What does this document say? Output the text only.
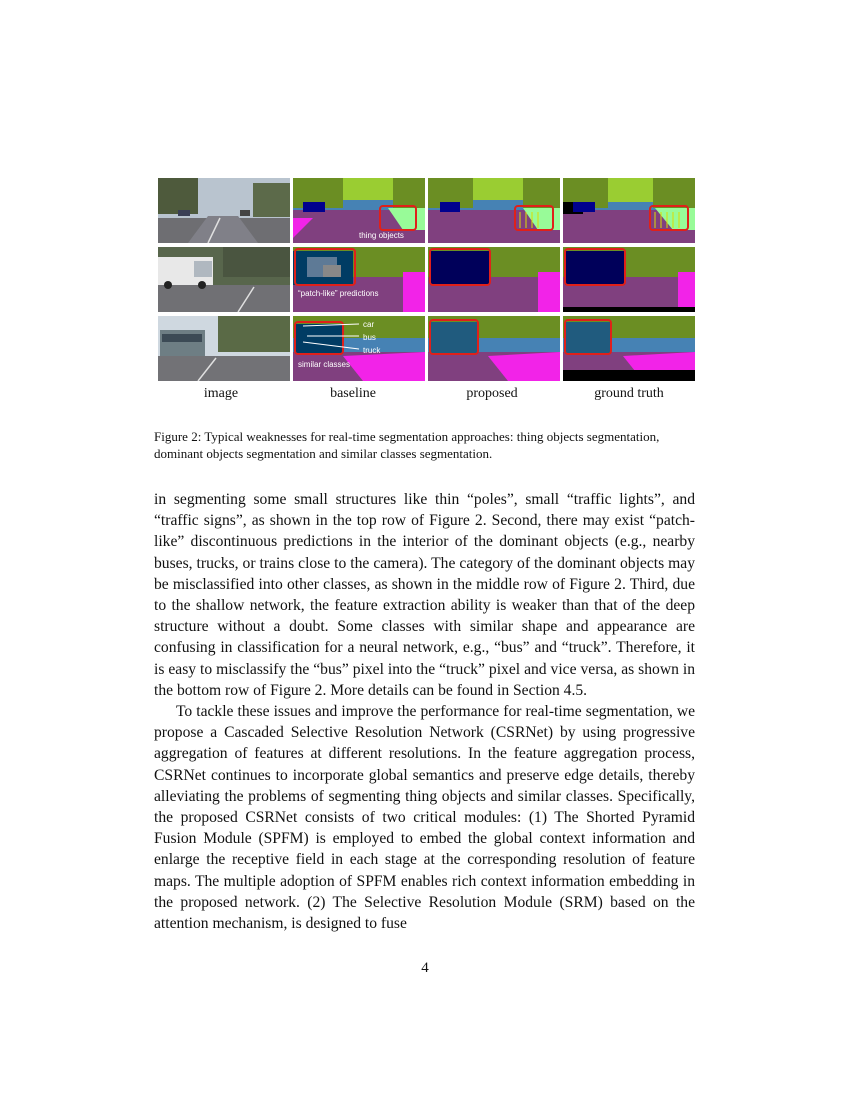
thing objects
“patch-like” predictions
car
bus
truck
similar classes
image	baseline	proposed	ground truth
Figure 2: Typical weaknesses for real-time segmentation approaches: thing objects segmentation, dominant objects segmentation and similar classes segmentation.

in segmenting some small structures like thin “poles”, small “traffic lights”, and “traffic signs”, as shown in the top row of Figure 2. Second, there may exist “patch-like” discontinuous predictions in the interior of the dominant objects (e.g., nearby buses, trucks, or trains close to the camera). The category of the dominant objects may be misclassified into other classes, as shown in the middle row of Figure 2. Third, due to the shallow network, the feature extraction ability is weaker than that of the deep structure without a doubt. Some classes with similar shape and appearance are confusing in classification for a neural network, e.g., “bus” and “truck”. Therefore, it is easy to misclassify the “bus” pixel into the “truck” pixel and vice versa, as shown in the bottom row of Figure 2. More details can be found in Section 4.5.

To tackle these issues and improve the performance for real-time segmentation, we propose a Cascaded Selective Resolution Network (CSRNet) by using progressive aggregation of features at different resolutions. In the feature aggregation process, CSRNet continues to incorporate global semantics and preserve edge details, thereby alleviating the problems of segmenting thing objects and similar classes. Specifically, the proposed CSRNet consists of two critical modules: (1) The Shorted Pyramid Fusion Module (SPFM) is employed to embed the global context information and enlarge the receptive field in each stage at the corresponding resolution of feature maps. The multiple adoption of SPFM enables rich context information embedding in the proposed network. (2) The Selective Resolution Module (SRM) based on the attention mechanism, is designed to fuse

4
